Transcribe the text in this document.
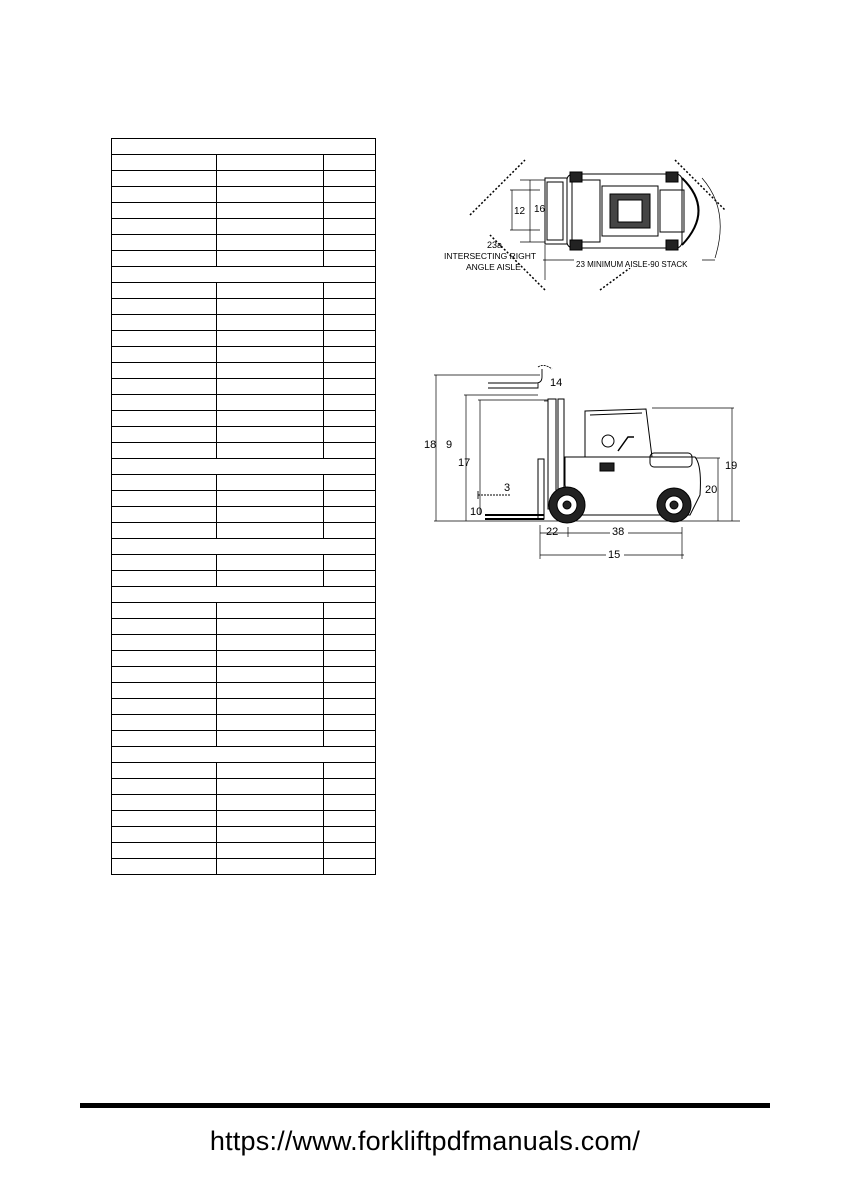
12 16
23a
INTERSECTING RIGHT
ANGLE AISLE	23 MINIMUM AISLE-90 STACK
14
18 9
17
3
10
19
20
22	38
15
https://www.forkliftpdfmanuals.com/
